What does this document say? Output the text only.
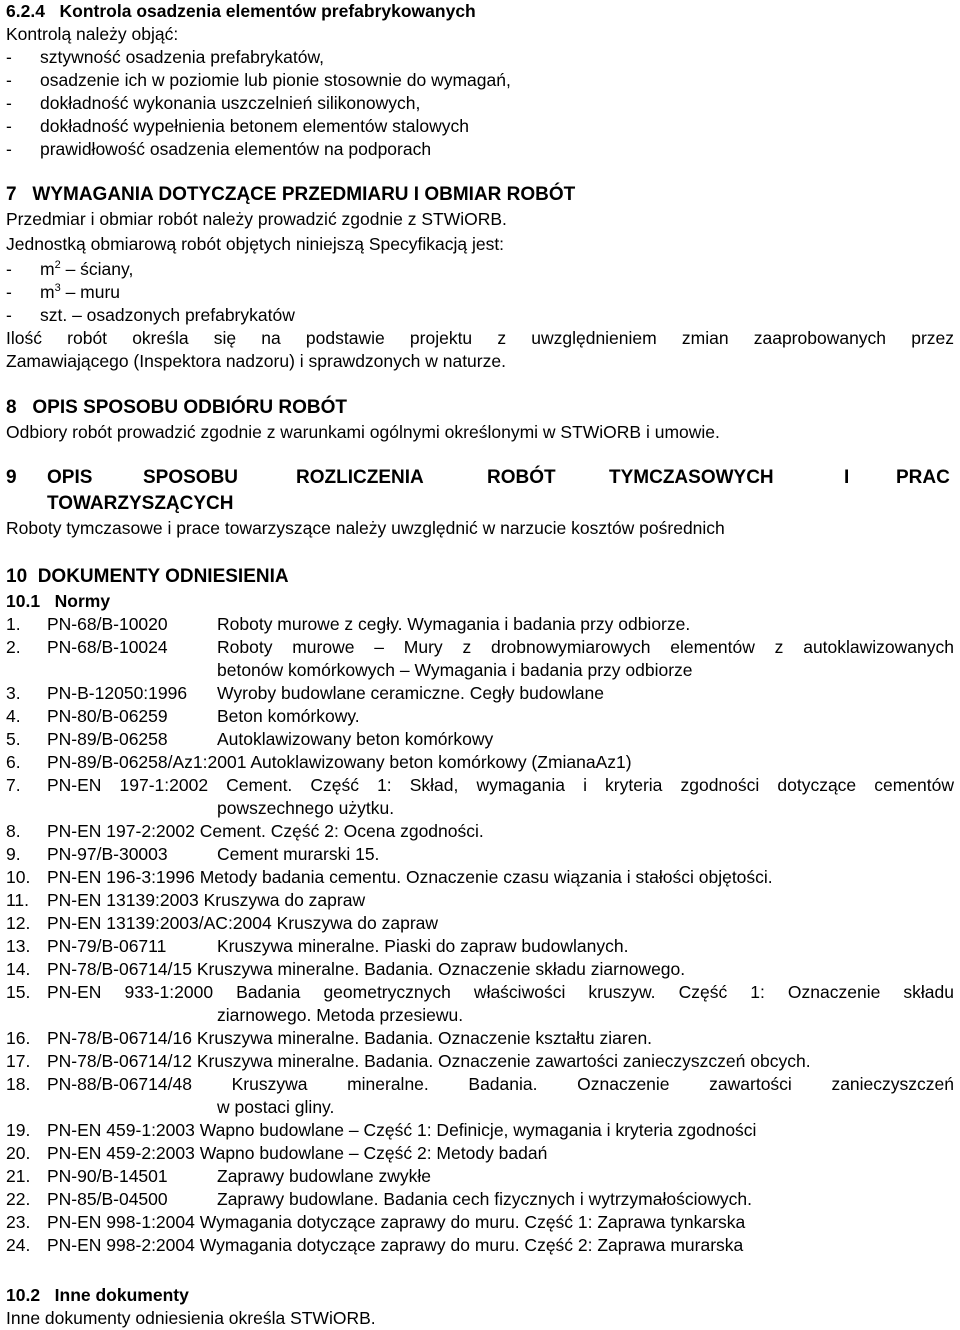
6.2.4 Kontrola osadzenia elementów prefabrykowanych
Kontrolą należy objąć:
- sztywność osadzenia prefabrykatów,
- osadzenie ich w poziomie lub pionie stosownie do wymagań,
- dokładność wykonania uszczelnień silikonowych,
- dokładność wypełnienia betonem elementów stalowych
- prawidłowość osadzenia elementów na podporach
7   WYMAGANIA DOTYCZĄCE PRZEDMIARU I OBMIAR ROBÓT
Przedmiar i obmiar robót należy prowadzić zgodnie z STWiORB.
Jednostką obmiarową robót objętych niniejszą Specyfikacją jest:
- $m^2$ – ściany,
- $m^3$ – muru
- szt. – osadzonych prefabrykatów
Ilość robót określa się na podstawie projektu z uwzględnieniem zmian zaaprobowanych przez
Zamawiającego (Inspektora nadzoru) i sprawdzonych w naturze.
8   OPIS SPOSOBU ODBIÓRU ROBÓT
Odbiory robót prowadzić zgodnie z warunkami ogólnymi określonymi w STWiORB i umowie.
9 OPIS	SPOSOBU	ROZLICZENIA	ROBÓT	TYMCZASOWYCH	I PRAC
TOWARZYSZĄCYCH
Roboty tymczasowe i prace towarzyszące należy uwzględnić w narzucie kosztów pośrednich
10  DOKUMENTY ODNIESIENIA
10.1   Normy
1. PN-68/B-10020	Roboty murowe z cegły. Wymagania i badania przy odbiorze.
2. PN-68/B-10024	Roboty murowe – Mury z drobnowymiarowych elementów z autoklawizowanych
betonów komórkowych – Wymagania i badania przy odbiorze
3. PN-B-12050:1996 Wyroby budowlane ceramiczne. Cegły budowlane
4. PN-80/B-06259	Beton komórkowy.
5. PN-89/B-06258	Autoklawizowany beton komórkowy
6. PN-89/B-06258/Az1:2001 Autoklawizowany beton komórkowy (ZmianaAz1)
7. PN-EN 197-1:2002 Cement. Część 1: Skład, wymagania i kryteria zgodności dotyczące cementów
powszechnego użytku.
8. PN-EN 197-2:2002 Cement. Część 2: Ocena zgodności.
9. PN-97/B-30003	Cement murarski 15.
10. PN-EN 196-3:1996 Metody badania cementu. Oznaczenie czasu wiązania i stałości objętości.
11. PN-EN 13139:2003 Kruszywa do zapraw
12. PN-EN 13139:2003/AC:2004 Kruszywa do zapraw
13. PN-79/B-06711	Kruszywa mineralne. Piaski do zapraw budowlanych.
14. PN-78/B-06714/15 Kruszywa mineralne. Badania. Oznaczenie składu ziarnowego.
15. PN-EN 933-1:2000 Badania geometrycznych właściwości kruszyw. Część 1: Oznaczenie składu
ziarnowego. Metoda przesiewu.
16. PN-78/B-06714/16 Kruszywa mineralne. Badania. Oznaczenie kształtu ziaren.
17. PN-78/B-06714/12 Kruszywa mineralne. Badania. Oznaczenie zawartości zanieczyszczeń obcych.
18. PN-88/B-06714/48 Kruszywa mineralne. Badania. Oznaczenie zawartości zanieczyszczeń
w postaci gliny.
19. PN-EN 459-1:2003 Wapno budowlane – Część 1: Definicje, wymagania i kryteria zgodności
20. PN-EN 459-2:2003 Wapno budowlane – Część 2: Metody badań
21. PN-90/B-14501	Zaprawy budowlane zwykłe
22. PN-85/B-04500	Zaprawy budowlane. Badania cech fizycznych i wytrzymałościowych.
23. PN-EN 998-1:2004 Wymagania dotyczące zaprawy do muru. Część 1: Zaprawa tynkarska
24. PN-EN 998-2:2004 Wymagania dotyczące zaprawy do muru. Część 2: Zaprawa murarska
10.2   Inne dokumenty
Inne dokumenty odniesienia określa STWiORB.
